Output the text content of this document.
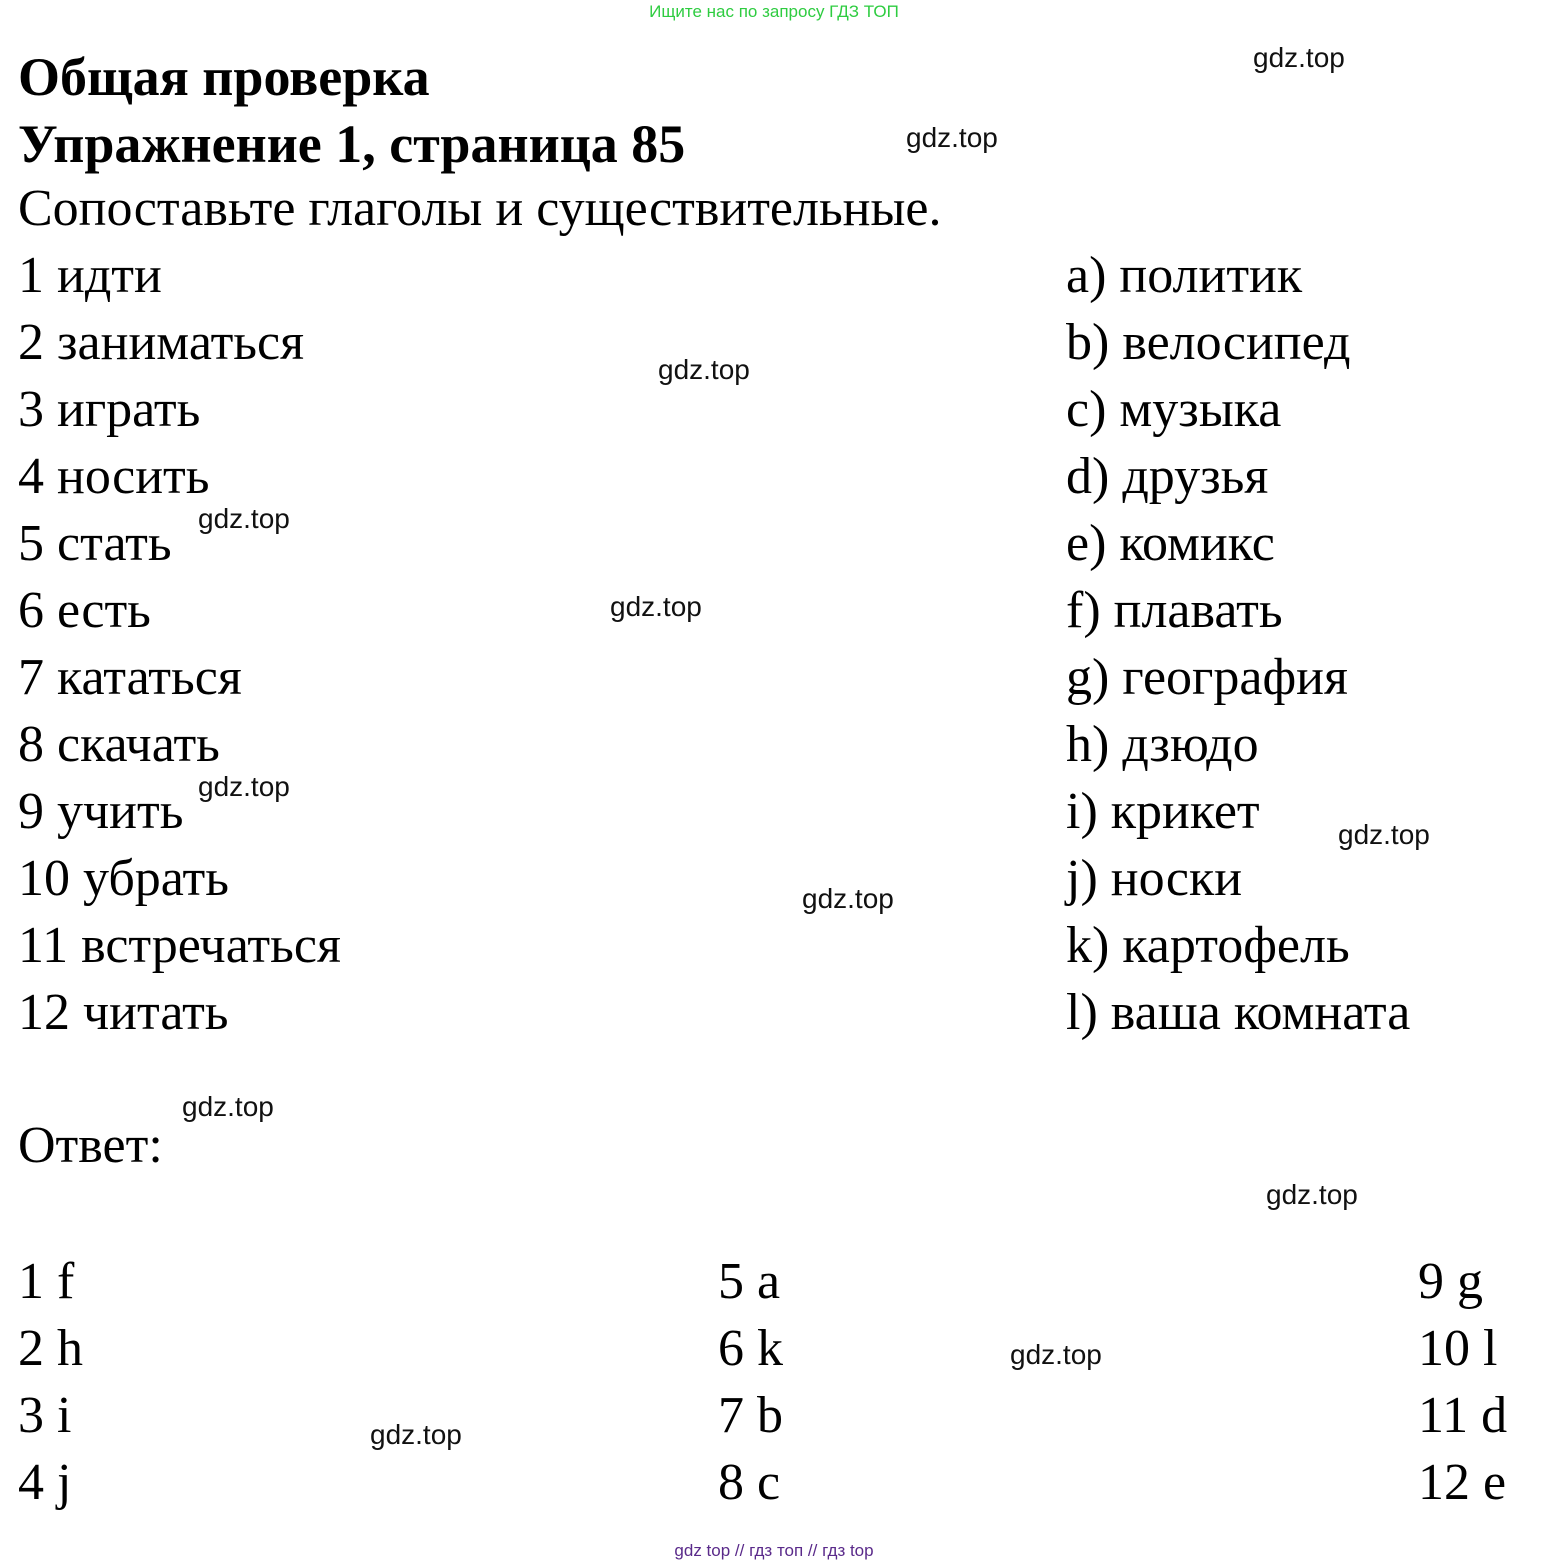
Ищите нас по запросу ГДЗ ТОП
Общая проверка
Упражнение 1, страница 85
Сопоставьте глаголы и существительные.
1 идти
2 заниматься
3 играть
4 носить
5 стать
6 есть
7 кататься
8 скачать
9 учить
10 убрать
11 встречаться
12 читать
a) политик
b) велосипед
c) музыка
d) друзья
e) комикс
f) плавать
g) география
h) дзюдо
i) крикет
j) носки
k) картофель
l) ваша комната
Ответ:
1 f
2 h
3 i
4 j
5 a
6 k
7 b
8 c
9 g
10 l
11 d
12 e
gdz.top
gdz.top
gdz.top
gdz.top
gdz.top
gdz.top
gdz.top
gdz.top
gdz.top
gdz.top
gdz.top
gdz.top
gdz top // гдз топ // гдз top
